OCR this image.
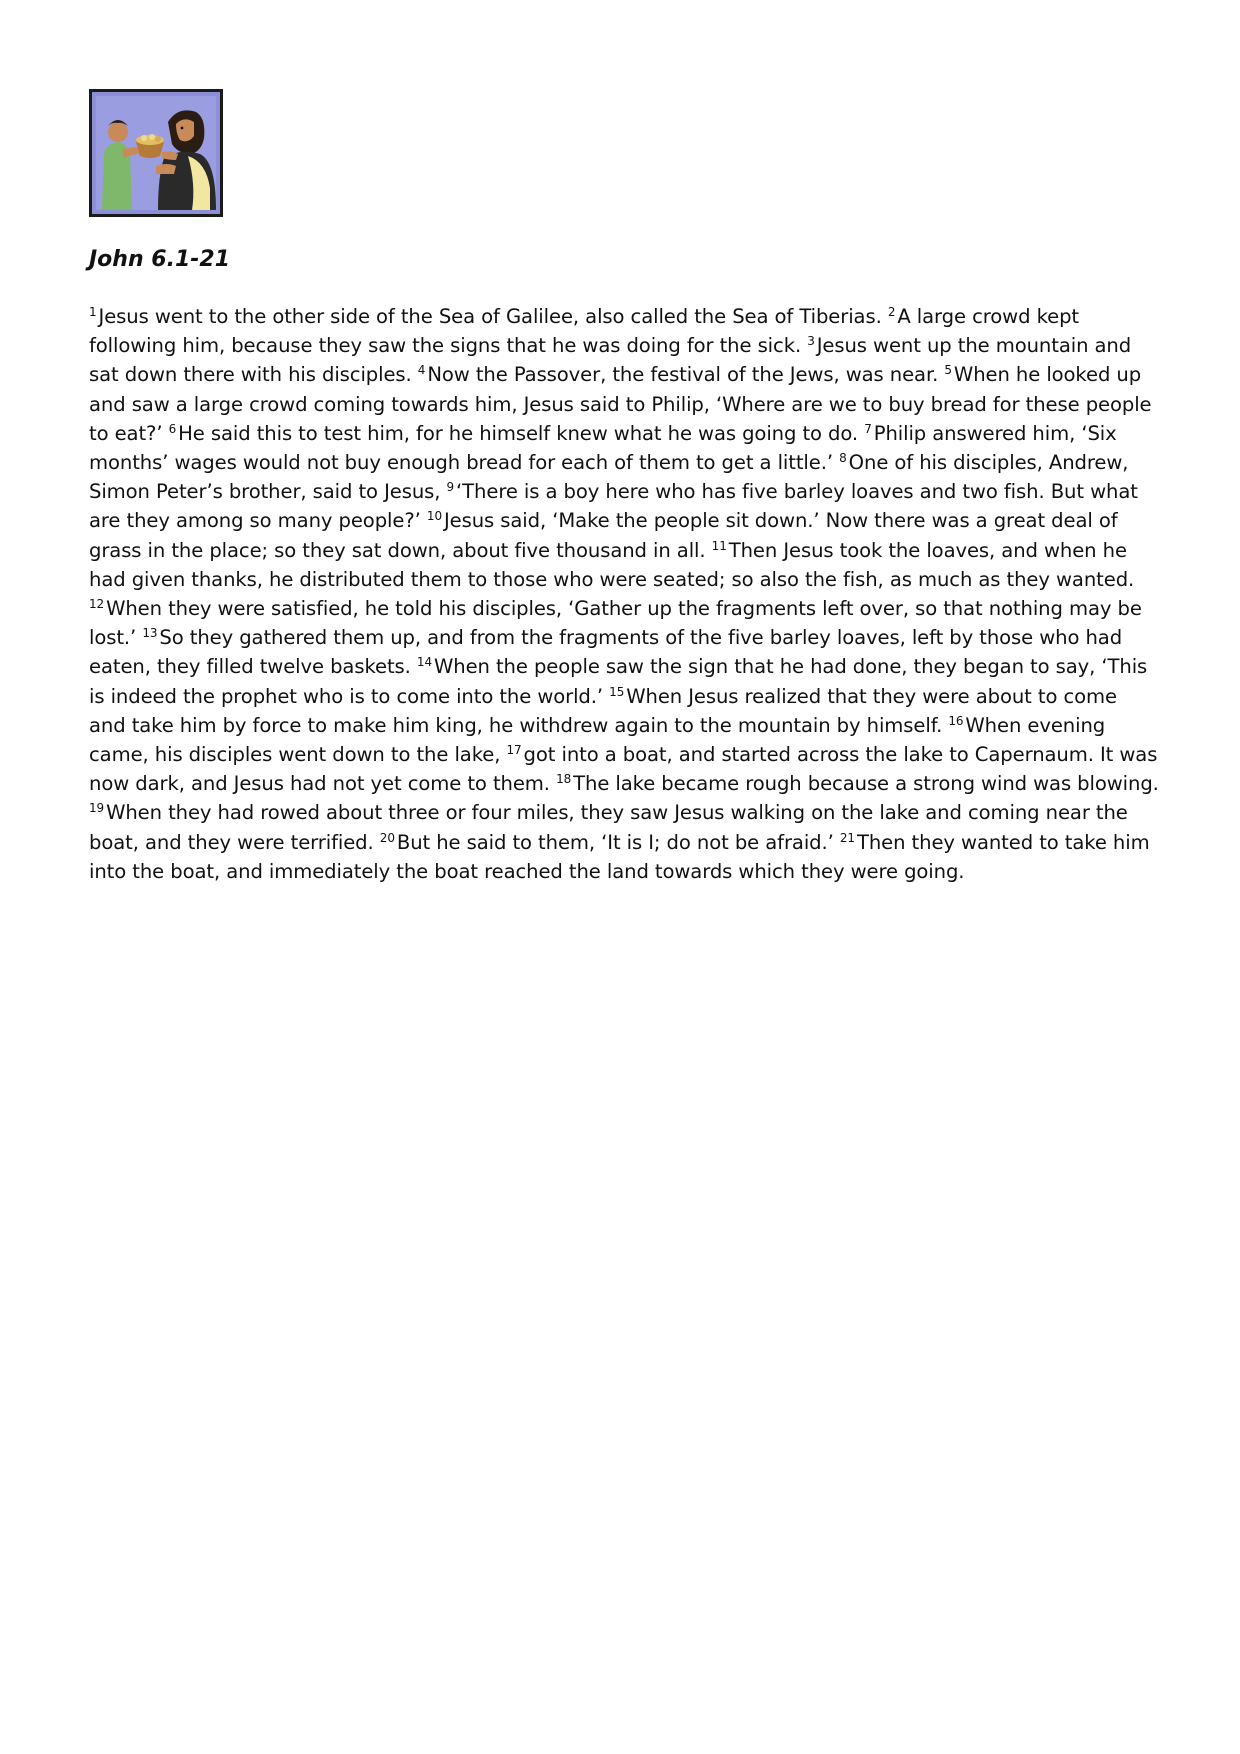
John 6.1-21

$^1$ Jesus went to the other side of the Sea of Galilee, also called the Sea of Tiberias. $^2$ A large crowd kept following him, because they saw the signs that he was doing for the sick. $^3$ Jesus went up the mountain and sat down there with his disciples. $^4$ Now the Passover, the festival of the Jews, was near. $^5$ When he looked up and saw a large crowd coming towards him, Jesus said to Philip, ‘Where are we to buy bread for these people to eat?’ $^6$ He said this to test him, for he himself knew what he was going to do. $^7$ Philip answered him, ‘Six months’ wages would not buy enough bread for each of them to get a little.’ $^8$ One of his disciples, Andrew, Simon Peter’s brother, said to Jesus, $^9$ ‘There is a boy here who has five barley loaves and two fish. But what are they among so many people?’ $^{10}$ Jesus said, ‘Make the people sit down.’ Now there was a great deal of grass in the place; so they sat down, about five thousand in all. $^{11}$ Then Jesus took the loaves, and when he had given thanks, he distributed them to those who were seated; so also the fish, as much as they wanted. $^{12}$ When they were satisfied, he told his disciples, ‘Gather up the fragments left over, so that nothing may be lost.’ $^{13}$ So they gathered them up, and from the fragments of the five barley loaves, left by those who had eaten, they filled twelve baskets. $^{14}$ When the people saw the sign that he had done, they began to say, ‘This is indeed the prophet who is to come into the world.’ $^{15}$ When Jesus realized that they were about to come and take him by force to make him king, he withdrew again to the mountain by himself. $^{16}$ When evening came, his disciples went down to the lake, $^{17}$ got into a boat, and started across the lake to Capernaum. It was now dark, and Jesus had not yet come to them. $^{18}$ The lake became rough because a strong wind was blowing. $^{19}$ When they had rowed about three or four miles, they saw Jesus walking on the lake and coming near the boat, and they were terrified. $^{20}$ But he said to them, ‘It is I; do not be afraid.’ $^{21}$ Then they wanted to take him into the boat, and immediately the boat reached the land towards which they were going.
